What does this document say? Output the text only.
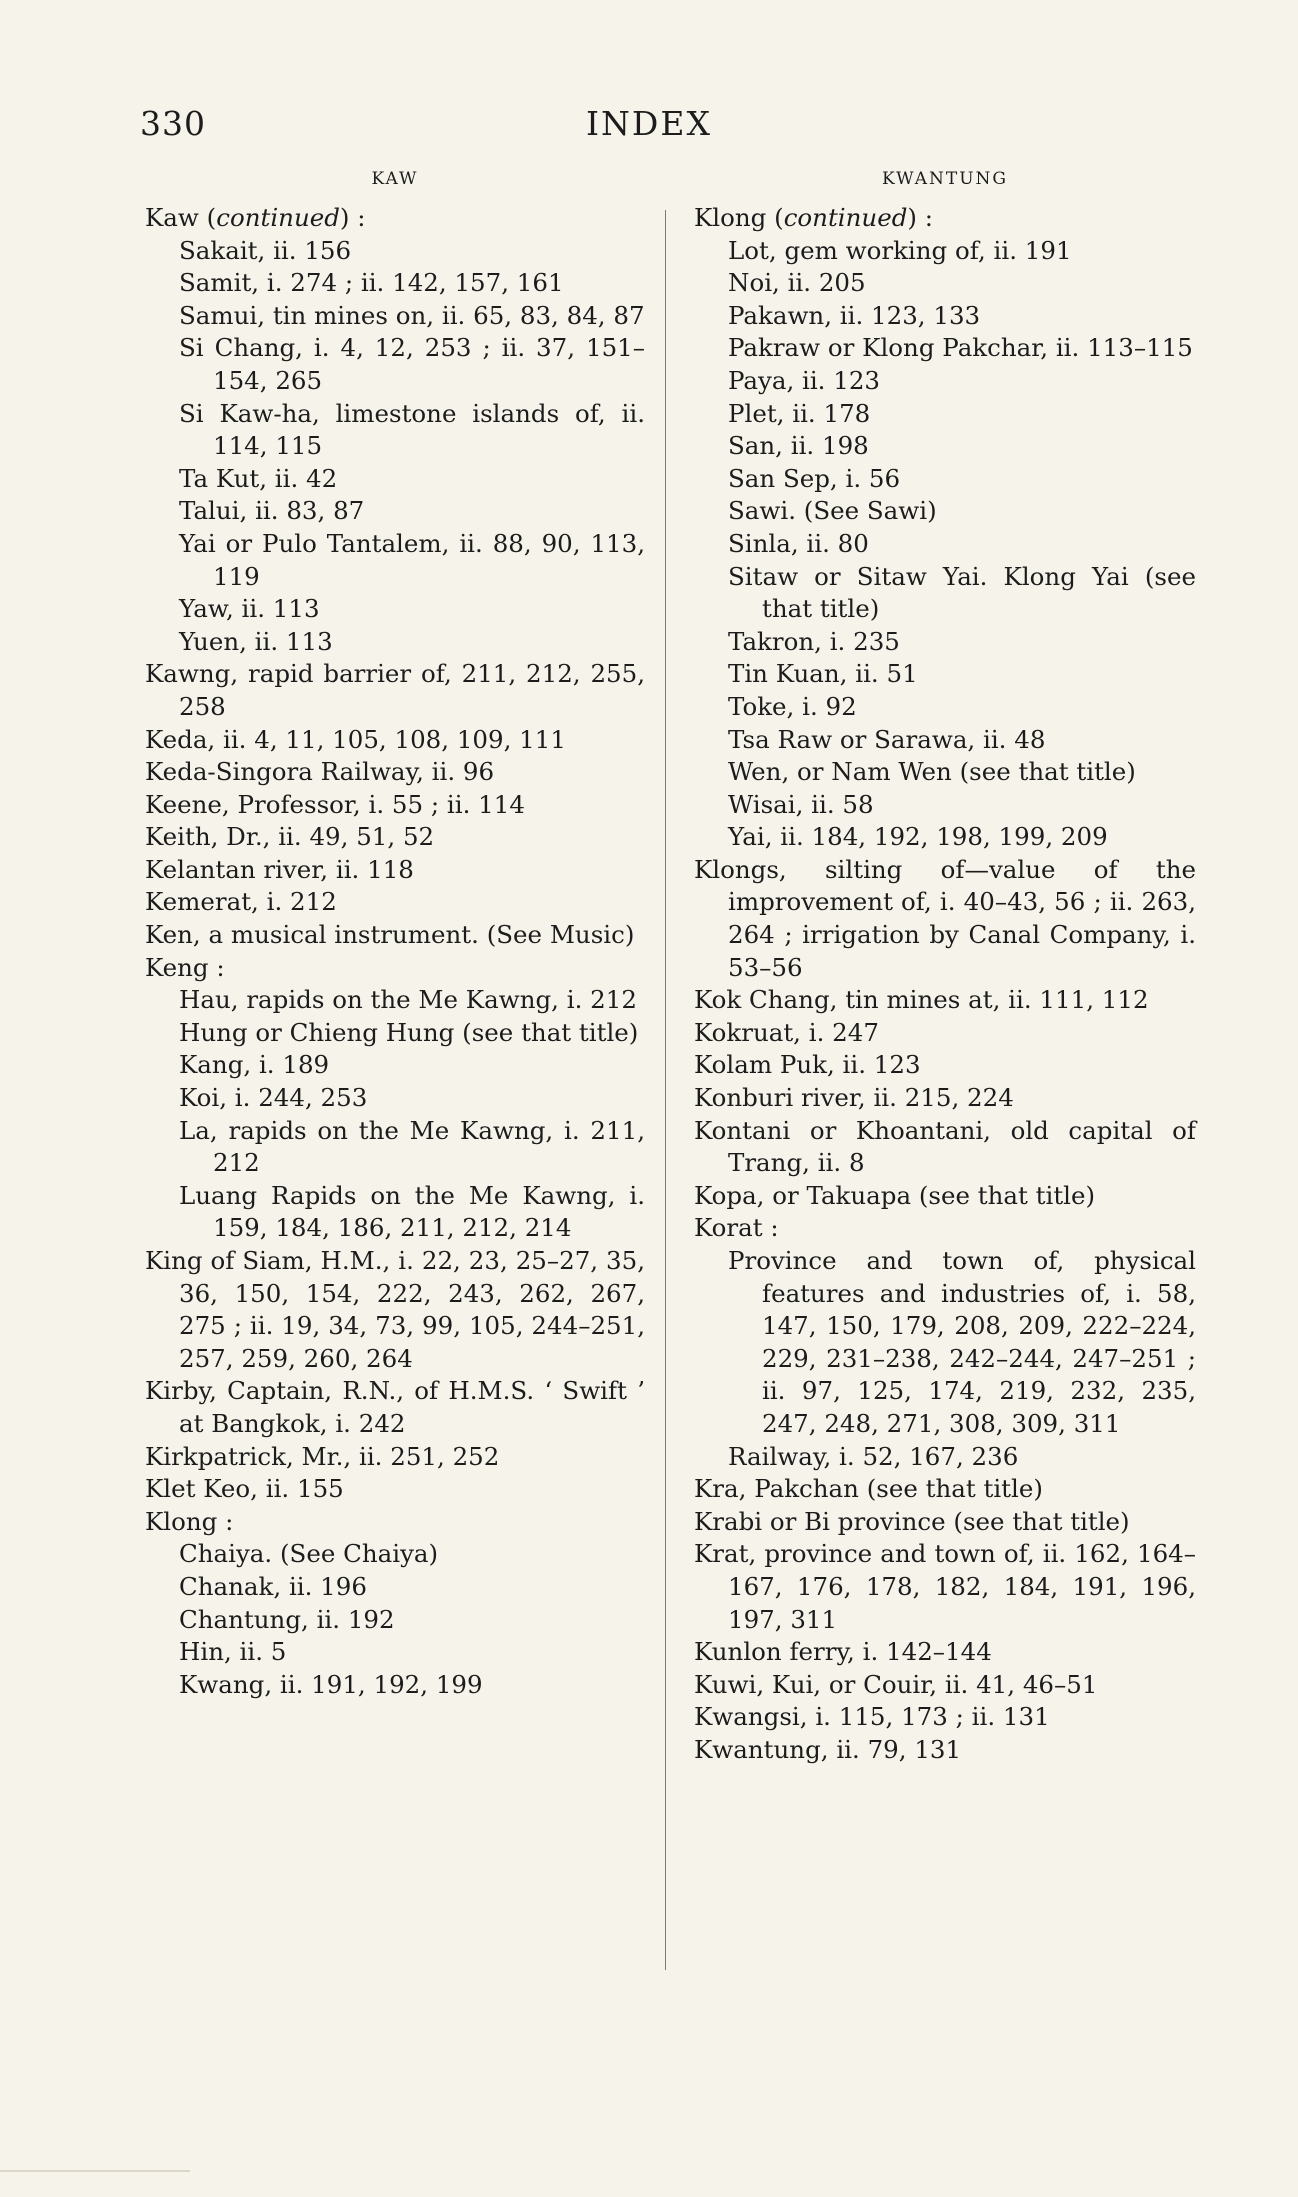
330	INDEX
KAW
Kaw (continued) :
Sakait, ii. 156
Samit, i. 274 ; ii. 142, 157, 161
Samui, tin mines on, ii. 65, 83, 84, 87
Si Chang, i. 4, 12, 253 ; ii. 37, 151–154, 265
Si Kaw-ha, limestone islands of, ii. 114, 115
Ta Kut, ii. 42
Talui, ii. 83, 87
Yai or Pulo Tantalem, ii. 88, 90, 113, 119
Yaw, ii. 113
Yuen, ii. 113
Kawng, rapid barrier of, 211, 212, 255, 258
Keda, ii. 4, 11, 105, 108, 109, 111
Keda-Singora Railway, ii. 96
Keene, Professor, i. 55 ; ii. 114
Keith, Dr., ii. 49, 51, 52
Kelantan river, ii. 118
Kemerat, i. 212
Ken, a musical instrument. (See Music)
Keng :
Hau, rapids on the Me Kawng, i. 212
Hung or Chieng Hung (see that title)
Kang, i. 189
Koi, i. 244, 253
La, rapids on the Me Kawng, i. 211, 212
Luang Rapids on the Me Kawng, i. 159, 184, 186, 211, 212, 214
King of Siam, H.M., i. 22, 23, 25–27, 35, 36, 150, 154, 222, 243, 262, 267, 275 ; ii. 19, 34, 73, 99, 105, 244–251, 257, 259, 260, 264
Kirby, Captain, R.N., of H.M.S. ‘ Swift ’ at Bangkok, i. 242
Kirkpatrick, Mr., ii. 251, 252
Klet Keo, ii. 155
Klong :
Chaiya. (See Chaiya)
Chanak, ii. 196
Chantung, ii. 192
Hin, ii. 5
Kwang, ii. 191, 192, 199
KWANTUNG
Klong (continued) :
Lot, gem working of, ii. 191
Noi, ii. 205
Pakawn, ii. 123, 133
Pakraw or Klong Pakchar, ii. 113–115
Paya, ii. 123
Plet, ii. 178
San, ii. 198
San Sep, i. 56
Sawi. (See Sawi)
Sinla, ii. 80
Sitaw or Sitaw Yai. Klong Yai (see that title)
Takron, i. 235
Tin Kuan, ii. 51
Toke, i. 92
Tsa Raw or Sarawa, ii. 48
Wen, or Nam Wen (see that title)
Wisai, ii. 58
Yai, ii. 184, 192, 198, 199, 209
Klongs, silting of—value of the improvement of, i. 40–43, 56 ; ii. 263, 264 ; irrigation by Canal Company, i. 53–56
Kok Chang, tin mines at, ii. 111, 112
Kokruat, i. 247
Kolam Puk, ii. 123
Konburi river, ii. 215, 224
Kontani or Khoantani, old capital of Trang, ii. 8
Kopa, or Takuapa (see that title)
Korat :
Province and town of, physical features and industries of, i. 58, 147, 150, 179, 208, 209, 222–224, 229, 231–238, 242–244, 247–251 ; ii. 97, 125, 174, 219, 232, 235, 247, 248, 271, 308, 309, 311
Railway, i. 52, 167, 236
Kra, Pakchan (see that title)
Krabi or Bi province (see that title)
Krat, province and town of, ii. 162, 164–167, 176, 178, 182, 184, 191, 196, 197, 311
Kunlon ferry, i. 142–144
Kuwi, Kui, or Couir, ii. 41, 46–51
Kwangsi, i. 115, 173 ; ii. 131
Kwantung, ii. 79, 131
